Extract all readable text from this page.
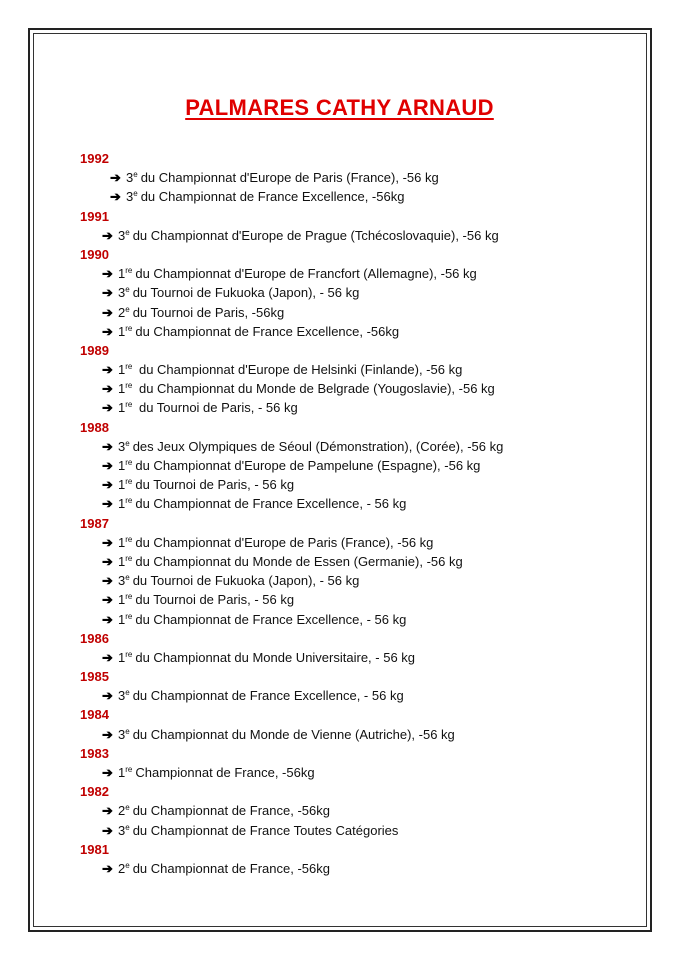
PALMARES CATHY ARNAUD
1992
➔ 3e du Championnat d'Europe de Paris (France), -56 kg
➔ 3e du Championnat de France Excellence, -56kg
1991
➔ 3e du Championnat d'Europe de Prague (Tchécoslovaquie), -56 kg
1990
➔ 1re du Championnat d'Europe de Francfort (Allemagne), -56 kg
➔ 3e du Tournoi de Fukuoka (Japon), - 56 kg
➔ 2e du Tournoi de Paris, -56kg
➔ 1re du Championnat de France Excellence, -56kg
1989
➔ 1re du Championnat d'Europe de Helsinki (Finlande), -56 kg
➔ 1re du Championnat du Monde de Belgrade (Yougoslavie), -56 kg
➔ 1re du Tournoi de Paris, - 56 kg
1988
➔ 3e des Jeux Olympiques de Séoul (Démonstration), (Corée), -56 kg
➔ 1re du Championnat d'Europe de Pampelune (Espagne), -56 kg
➔ 1re du Tournoi de Paris, - 56 kg
➔ 1re du Championnat de France Excellence, - 56 kg
1987
➔ 1re du Championnat d'Europe de Paris (France), -56 kg
➔ 1re du Championnat du Monde de Essen (Germanie), -56 kg
➔ 3e du Tournoi de Fukuoka (Japon), - 56 kg
➔ 1re du Tournoi de Paris, - 56 kg
➔ 1re du Championnat de France Excellence, - 56 kg
1986
➔ 1re du Championnat du Monde Universitaire, - 56 kg
1985
➔ 3e du Championnat de France Excellence, - 56 kg
1984
➔ 3e du Championnat du Monde de Vienne (Autriche), -56 kg
1983
➔ 1re Championnat de France, -56kg
1982
➔ 2e du Championnat de France, -56kg
➔ 3e du Championnat de France Toutes Catégories
1981
➔ 2e du Championnat de France, -56kg
